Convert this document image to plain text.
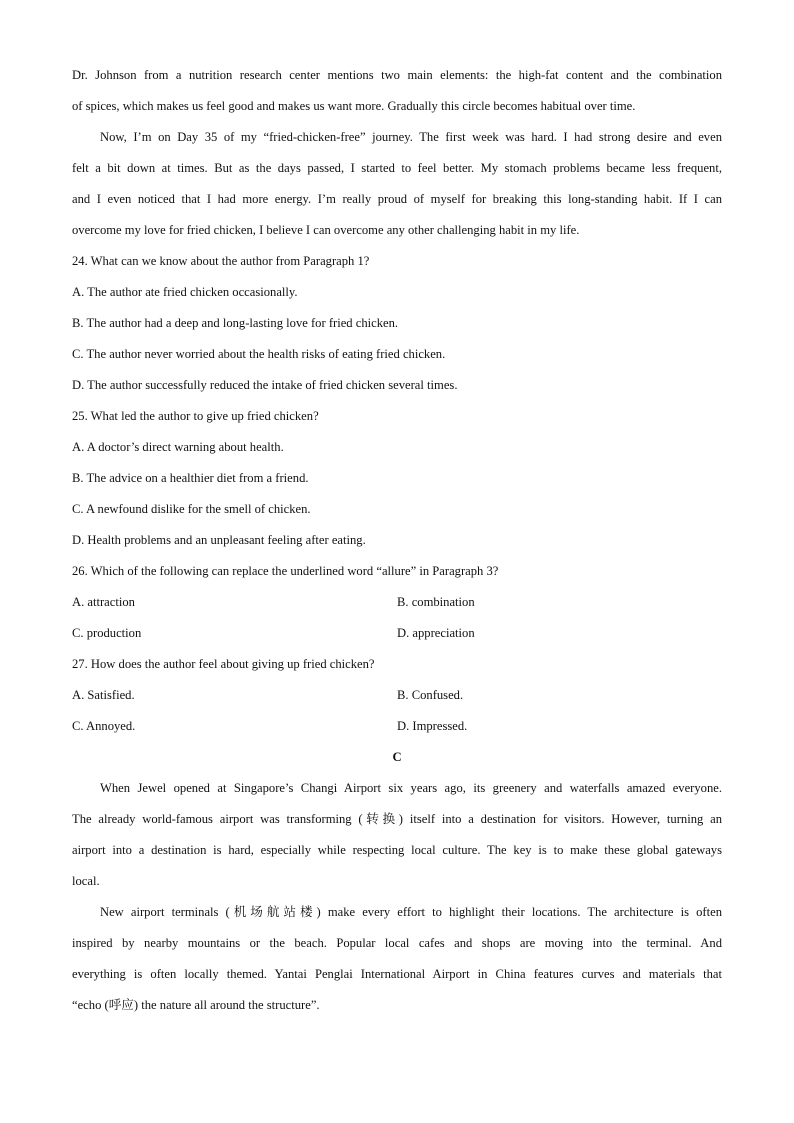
Dr. Johnson from a nutrition research center mentions two main elements: the high-fat content and the combination
of spices, which makes us feel good and makes us want more. Gradually this circle becomes habitual over time.
Now, I’m on Day 35 of my “fried-chicken-free” journey. The first week was hard. I had strong desire and even
felt a bit down at times. But as the days passed, I started to feel better. My stomach problems became less frequent,
and I even noticed that I had more energy. I’m really proud of myself for breaking this long-standing habit. If I can
overcome my love for fried chicken, I believe I can overcome any other challenging habit in my life.
24. What can we know about the author from Paragraph 1?
A. The author ate fried chicken occasionally.
B. The author had a deep and long-lasting love for fried chicken.
C. The author never worried about the health risks of eating fried chicken.
D. The author successfully reduced the intake of fried chicken several times.
25. What led the author to give up fried chicken?
A. A doctor’s direct warning about health.
B. The advice on a healthier diet from a friend.
C. A newfound dislike for the smell of chicken.
D. Health problems and an unpleasant feeling after eating.
26. Which of the following can replace the underlined word “allure” in Paragraph 3?
A. attraction	B. combination
C. production	D. appreciation
27. How does the author feel about giving up fried chicken?
A. Satisfied.	B. Confused.
C. Annoyed.	D. Impressed.
C
When Jewel opened at Singapore’s Changi Airport six years ago, its greenery and waterfalls amazed everyone.
The already world-famous airport was transforming (转换) itself into a destination for visitors. However, turning an
airport into a destination is hard, especially while respecting local culture. The key is to make these global gateways
local.
New airport terminals (机场航站楼) make every effort to highlight their locations. The architecture is often
inspired by nearby mountains or the beach. Popular local cafes and shops are moving into the terminal. And
everything is often locally themed. Yantai Penglai International Airport in China features curves and materials that
“echo (呼应) the nature all around the structure”.
